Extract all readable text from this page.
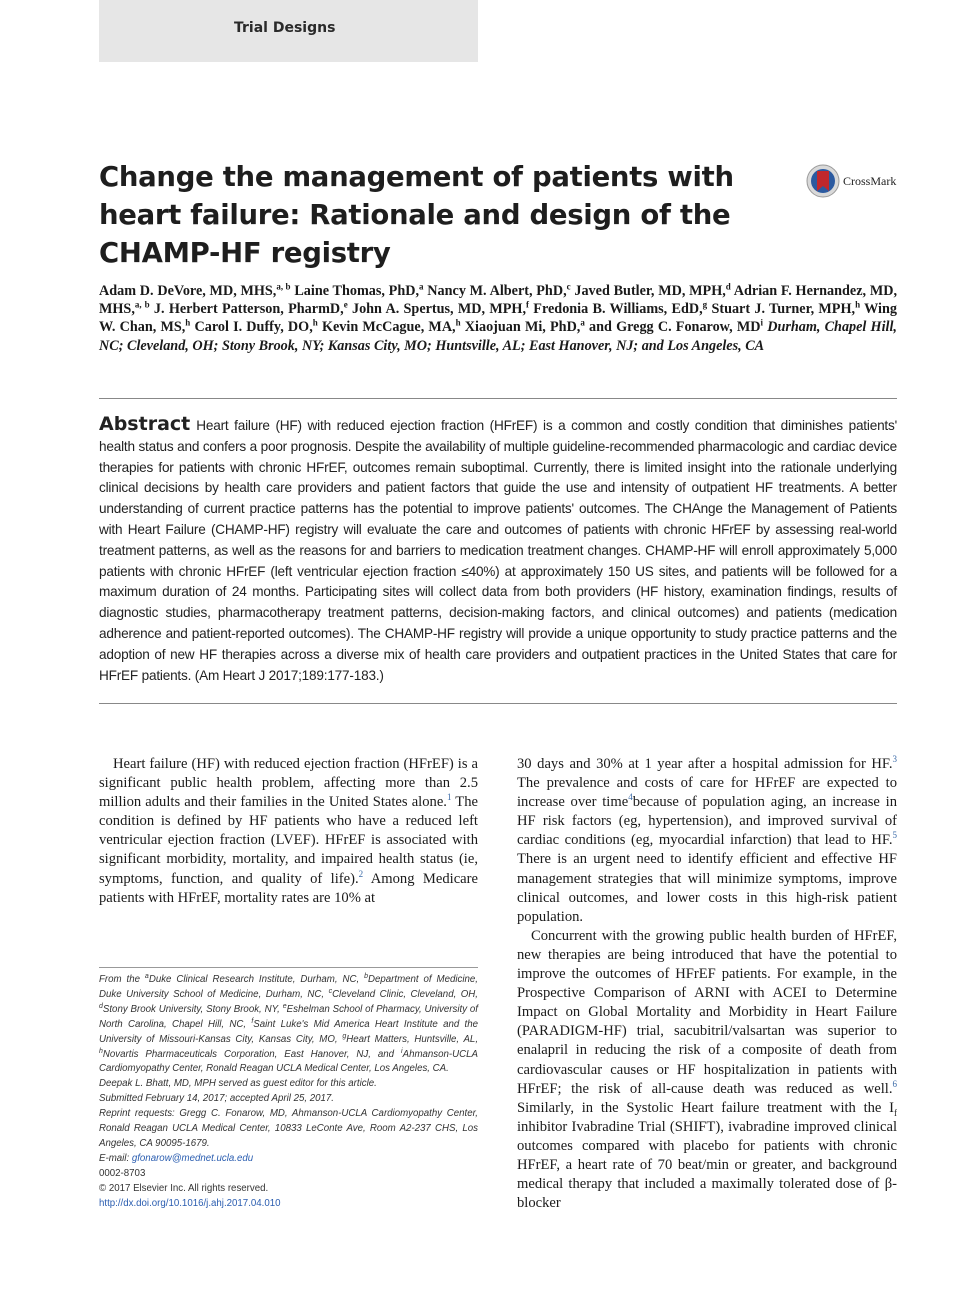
Trial Designs
Change the management of patients with heart failure: Rationale and design of the CHAMP-HF registry
CrossMark
Adam D. DeVore, MD, MHS,$^{a, b}$ Laine Thomas, PhD,$^a$ Nancy M. Albert, PhD,$^c$ Javed Butler, MD, MPH,$^d$ Adrian F. Hernandez, MD, MHS,$^{a, b}$ J. Herbert Patterson, PharmD,$^e$ John A. Spertus, MD, MPH,$^f$ Fredonia B. Williams, EdD,$^g$ Stuart J. Turner, MPH,$^h$ Wing W. Chan, MS,$^h$ Carol I. Duffy, DO,$^h$ Kevin McCague, MA,$^h$ Xiaojuan Mi, PhD,$^a$ and Gregg C. Fonarow, $MD^i$ Durham, Chapel Hill, NC; Cleveland, OH; Stony Brook, NY; Kansas City, MO; Huntsville, AL; East Hanover, NJ; and Los Angeles, CA
Abstract Heart failure (HF) with reduced ejection fraction (HFrEF) is a common and costly condition that diminishes patients' health status and confers a poor prognosis. Despite the availability of multiple guideline-recommended pharmacologic and cardiac device therapies for patients with chronic HFrEF, outcomes remain suboptimal. Currently, there is limited insight into the rationale underlying clinical decisions by health care providers and patient factors that guide the use and intensity of outpatient HF treatments. A better understanding of current practice patterns has the potential to improve patients' outcomes. The CHAnge the Management of Patients with Heart Failure (CHAMP-HF) registry will evaluate the care and outcomes of patients with chronic HFrEF by assessing real-world treatment patterns, as well as the reasons for and barriers to medication treatment changes. CHAMP-HF will enroll approximately 5,000 patients with chronic HFrEF (left ventricular ejection fraction ≤40%) at approximately 150 US sites, and patients will be followed for a maximum duration of 24 months. Participating sites will collect data from both providers (HF history, examination findings, results of diagnostic studies, pharmacotherapy treatment patterns, decision-making factors, and clinical outcomes) and patients (medication adherence and patient-reported outcomes). The CHAMP-HF registry will provide a unique opportunity to study practice patterns and the adoption of new HF therapies across a diverse mix of health care providers and outpatient practices in the United States that care for HFrEF patients. (Am Heart J 2017;189:177-183.)

Heart failure (HF) with reduced ejection fraction (HFrEF) is a significant public health problem, affecting more than 2.5 million adults and their families in the United States alone.$^1$ The condition is defined by HF patients who have a reduced left ventricular ejection fraction (LVEF). HFrEF is associated with significant morbidity, mortality, and impaired health status (ie, symptoms, function, and quality of life).$^2$ Among Medicare patients with HFrEF, mortality rates are 10% at

30 days and 30% at 1 year after a hospital admission for HF.$^3$ The prevalence and costs of care for HFrEF are expected to increase over time$^4$because of population aging, an increase in HF risk factors (eg, hypertension), and improved survival of cardiac conditions (eg, myocardial infarction) that lead to HF.$^5$ There is an urgent need to identify efficient and effective HF management strategies that will minimize symptoms, improve clinical outcomes, and lower costs in this high-risk patient population.

Concurrent with the growing public health burden of HFrEF, new therapies are being introduced that have the potential to improve the outcomes of HFrEF patients. For example, in the Prospective Comparison of ARNI with ACEI to Determine Impact on Global Mortality and Morbidity in Heart Failure (PARADIGM-HF) trial, sacubitril/valsartan was superior to enalapril in reducing the risk of a composite of death from cardiovascular causes or HF hospitalization in patients with HFrEF; the risk of all-cause death was reduced as well.$^6$ Similarly, in the Systolic Heart failure treatment with the $I_f$ inhibitor Ivabradine Trial (SHIFT), ivabradine improved clinical outcomes compared with placebo for patients with chronic HFrEF, a heart rate of 70 beat/min or greater, and background medical therapy that included a maximally tolerated dose of β-blocker

From the $^a$Duke Clinical Research Institute, Durham, NC, $^b$Department of Medicine, Duke University School of Medicine, Durham, NC, $^c$Cleveland Clinic, Cleveland, OH, $^d$Stony Brook University, Stony Brook, NY, $^e$Eshelman School of Pharmacy, University of North Carolina, Chapel Hill, NC, $^f$Saint Luke's Mid America Heart Institute and the University of Missouri-Kansas City, Kansas City, MO, $^g$Heart Matters, Huntsville, AL, $^h$Novartis Pharmaceuticals Corporation, East Hanover, NJ, and $^i$Ahmanson-UCLA Cardiomyopathy Center, Ronald Reagan UCLA Medical Center, Los Angeles, CA.
Deepak L. Bhatt, MD, MPH served as guest editor for this article.
Submitted February 14, 2017; accepted April 25, 2017.
Reprint requests: Gregg C. Fonarow, MD, Ahmanson-UCLA Cardiomyopathy Center, Ronald Reagan UCLA Medical Center, 10833 LeConte Ave, Room A2-237 CHS, Los Angeles, CA 90095-1679.
E-mail: gfonarow@mednet.ucla.edu
0002-8703
© 2017 Elsevier Inc. All rights reserved.
http://dx.doi.org/10.1016/j.ahj.2017.04.010
